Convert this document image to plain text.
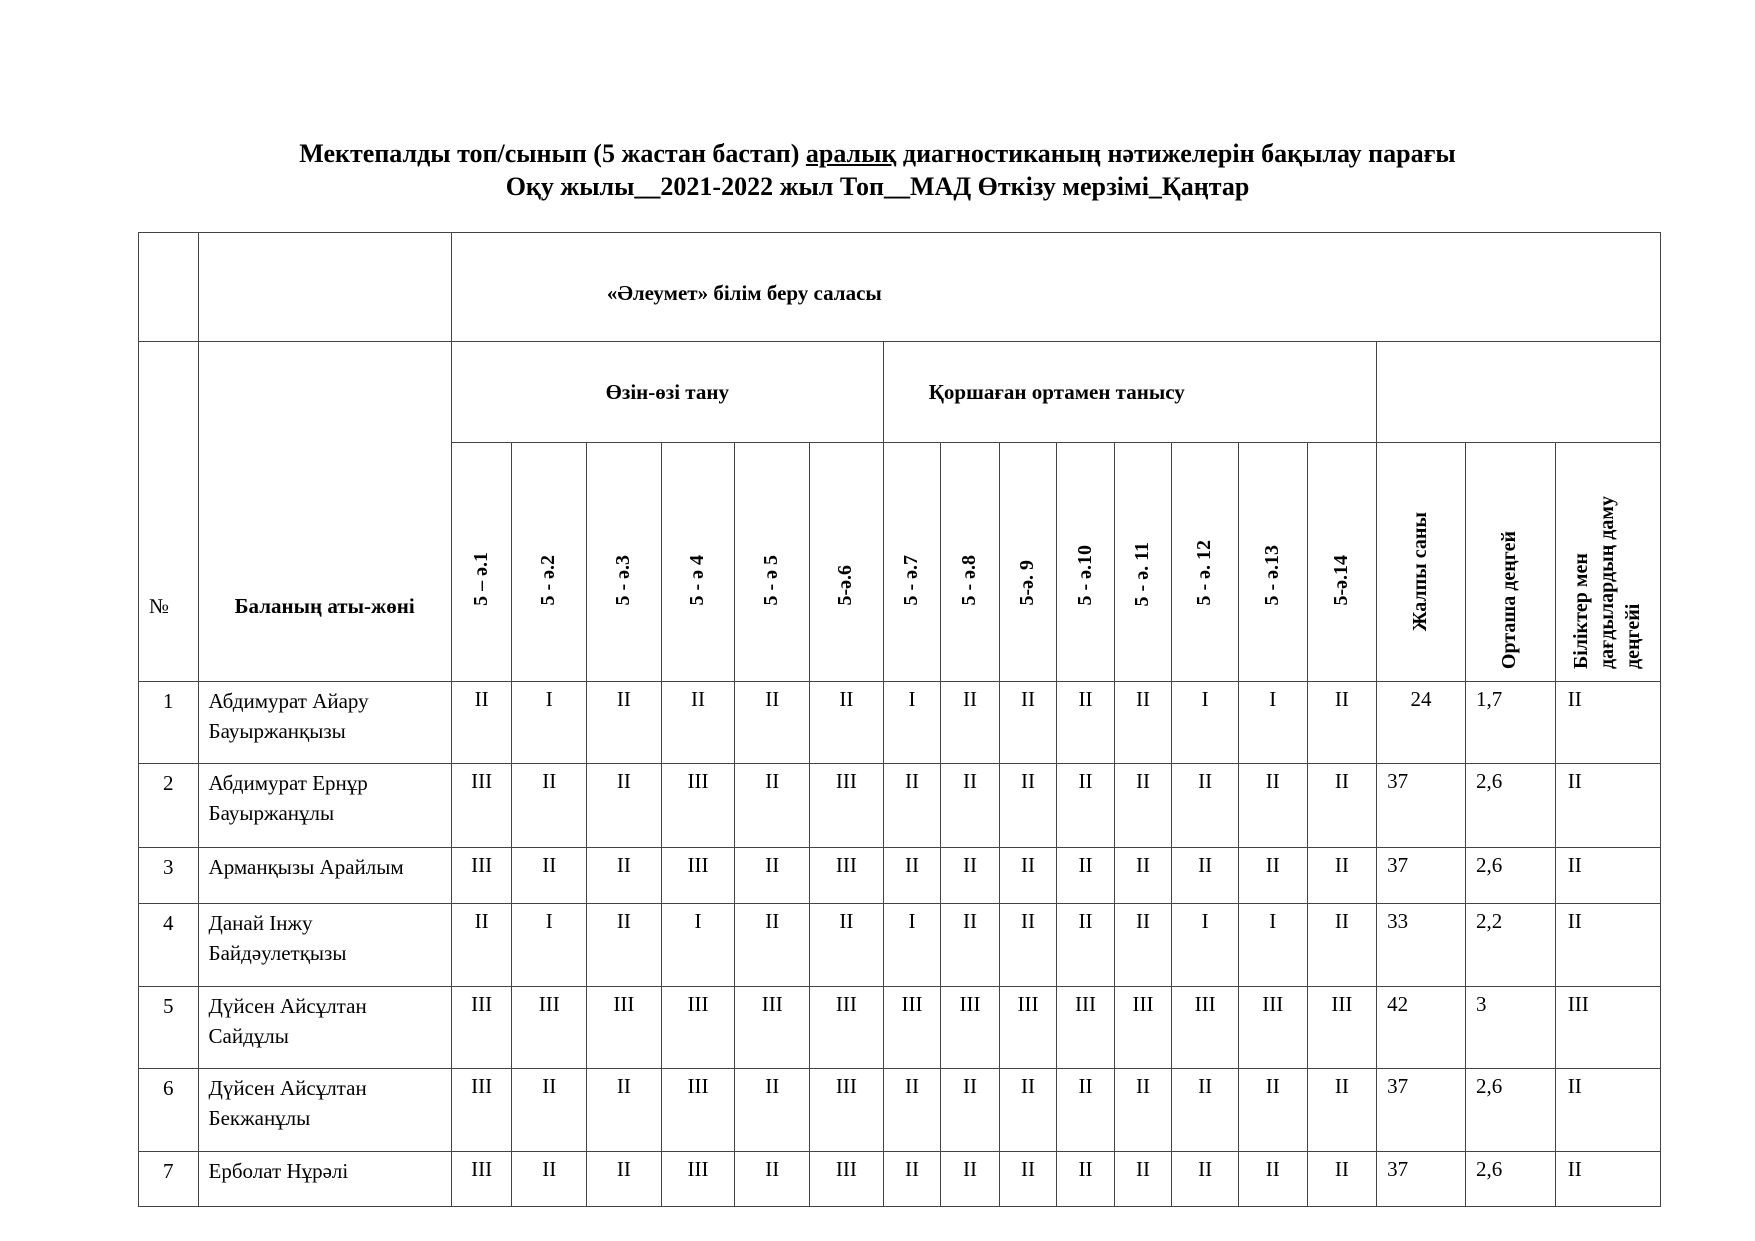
Мектепалды топ/сынып (5 жастан бастап) аралық диагностиканың нәтижелерін бақылау парағы
Оқу жылы__2021-2022 жыл Топ__МАД Өткізу мерзімі_Қаңтар
		«Әлеумет» білім беру саласы																
№	Баланың аты-жөні	Өзін-өзі тану						Қоршаған ортамен танысу										

		5 – ә.1	5 - ә.2	5 - ә.3	5 - ә 4	5 - ә 5	5-ә.6	5 - ә.7	5 - ә.8	5-ә. 9	5 - ә.10	5 - ә. 11	5 - ә. 12	5 - ә.13	5-ә.14	Жалпы саны	Орташа деңгей	Біліктер мен дағдылардың даму деңгейі

1	Абдимурат Айару Бауыржанқызы	II	I	II	II	II	II	I	II	II	II	II	I	I	II	24	1,7	II
2	Абдимурат Ернұр Бауыржанұлы	III	II	II	III	II	III	II	II	II	II	II	II	II	II	37	2,6	II
3	Арманқызы Арайлым	III	II	II	III	II	III	II	II	II	II	II	II	II	II	37	2,6	II
4	Данай Інжу Байдәулетқызы	II	I	II	I	II	II	I	II	II	II	II	I	I	II	33	2,2	II
5	Дүйсен Айсұлтан Сайдұлы	III	III	III	III	III	III	III	III	III	III	III	III	III	III	42	3	III
6	Дүйсен Айсұлтан Бекжанұлы	III	II	II	III	II	III	II	II	II	II	II	II	II	II	37	2,6	II
7	Ерболат Нұрәлі	III	II	II	III	II	III	II	II	II	II	II	II	II	II	37	2,6	II
